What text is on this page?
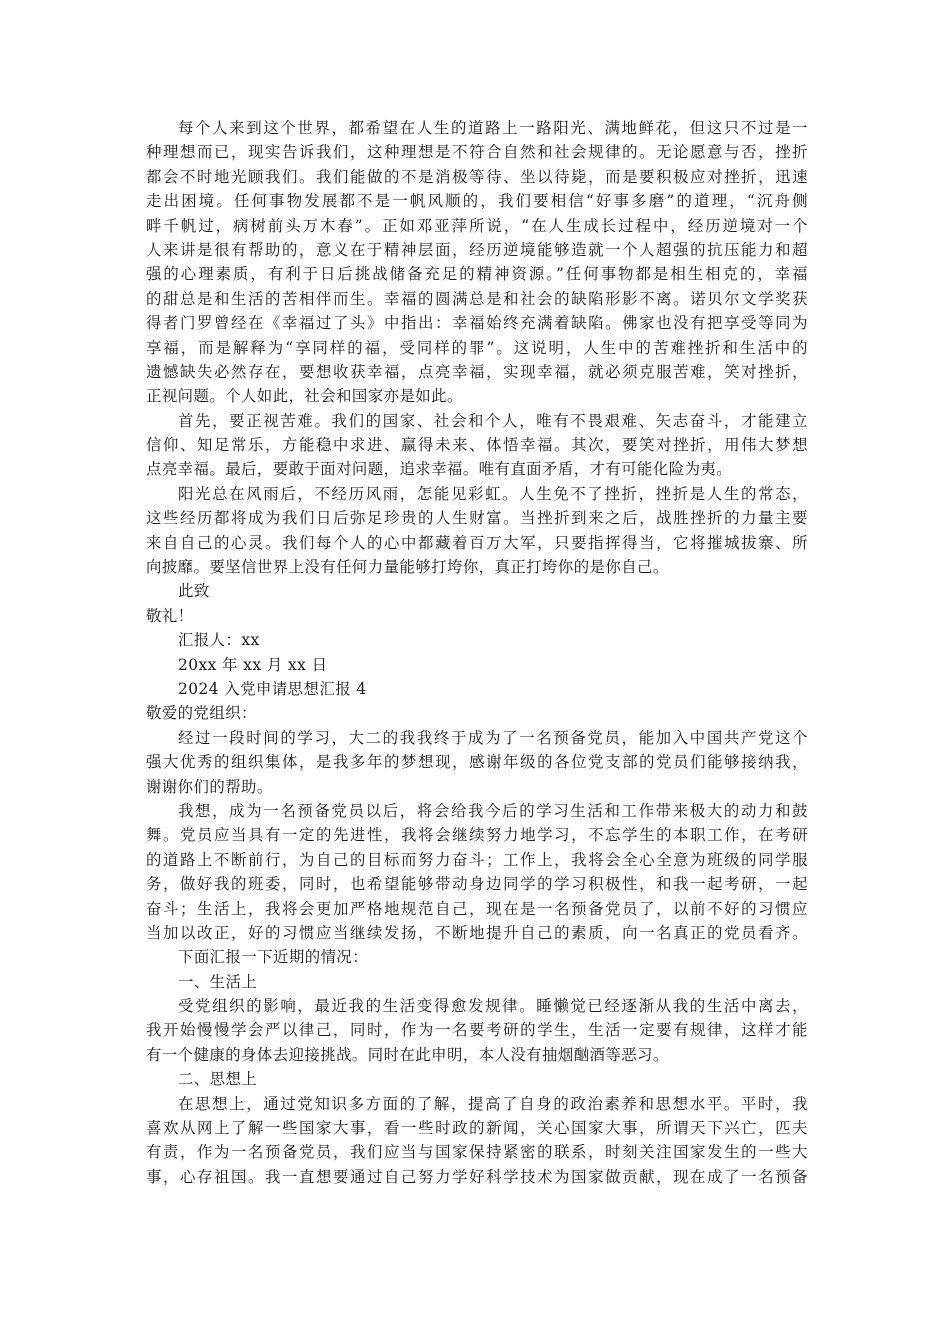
每个人来到这个世界，都希望在人生的道路上一路阳光、满地鲜花，但这只不过是一
种理想而已，现实告诉我们，这种理想是不符合自然和社会规律的。无论愿意与否，挫折
都会不时地光顾我们。我们能做的不是消极等待、坐以待毙，而是要积极应对挫折，迅速
走出困境。任何事物发展都不是一帆风顺的，我们要相信“好事多磨”的道理，“沉舟侧
畔千帆过，病树前头万木春”。正如邓亚萍所说，“在人生成长过程中，经历逆境对一个
人来讲是很有帮助的，意义在于精神层面，经历逆境能够造就一个人超强的抗压能力和超
强的心理素质，有利于日后挑战储备充足的精神资源。”任何事物都是相生相克的，幸福
的甜总是和生活的苦相伴而生。幸福的圆满总是和社会的缺陷形影不离。诺贝尔文学奖获
得者门罗曾经在《幸福过了头》中指出：幸福始终充满着缺陷。佛家也没有把享受等同为
享福，而是解释为“享同样的福，受同样的罪”。这说明，人生中的苦难挫折和生活中的
遗憾缺失必然存在，要想收获幸福，点亮幸福，实现幸福，就必须克服苦难，笑对挫折，
正视问题。个人如此，社会和国家亦是如此。
首先，要正视苦难。我们的国家、社会和个人，唯有不畏艰难、矢志奋斗，才能建立
信仰、知足常乐，方能稳中求进、赢得未来、体悟幸福。其次，要笑对挫折，用伟大梦想
点亮幸福。最后，要敢于面对问题，追求幸福。唯有直面矛盾，才有可能化险为夷。
阳光总在风雨后，不经历风雨，怎能见彩虹。人生免不了挫折，挫折是人生的常态，
这些经历都将成为我们日后弥足珍贵的人生财富。当挫折到来之后，战胜挫折的力量主要
来自自己的心灵。我们每个人的心中都藏着百万大军，只要指挥得当，它将摧城拔寨、所
向披靡。要坚信世界上没有任何力量能够打垮你，真正打垮你的是你自己。
此致
敬礼！
汇报人：xx
20xx 年 xx 月 xx 日
2024 入党申请思想汇报 4
敬爱的党组织：
经过一段时间的学习，大二的我我终于成为了一名预备党员，能加入中国共产党这个
强大优秀的组织集体，是我多年的梦想现，感谢年级的各位党支部的党员们能够接纳我，
谢谢你们的帮助。
我想，成为一名预备党员以后，将会给我今后的学习生活和工作带来极大的动力和鼓
舞。党员应当具有一定的先进性，我将会继续努力地学习，不忘学生的本职工作，在考研
的道路上不断前行，为自己的目标而努力奋斗；工作上，我将会全心全意为班级的同学服
务，做好我的班委，同时，也希望能够带动身边同学的学习积极性，和我一起考研，一起
奋斗；生活上，我将会更加严格地规范自己，现在是一名预备党员了，以前不好的习惯应
当加以改正，好的习惯应当继续发扬，不断地提升自己的素质，向一名真正的党员看齐。
下面汇报一下近期的情况：
一、生活上
受党组织的影响，最近我的生活变得愈发规律。睡懒觉已经逐渐从我的生活中离去，
我开始慢慢学会严以律己，同时，作为一名要考研的学生，生活一定要有规律，这样才能
有一个健康的身体去迎接挑战。同时在此申明，本人没有抽烟酗酒等恶习。
二、思想上
在思想上，通过党知识多方面的了解，提高了自身的政治素养和思想水平。平时，我
喜欢从网上了解一些国家大事，看一些时政的新闻，关心国家大事，所谓天下兴亡，匹夫
有责，作为一名预备党员，我们应当与国家保持紧密的联系，时刻关注国家发生的一些大
事，心存祖国。我一直想要通过自己努力学好科学技术为国家做贡献，现在成了一名预备
